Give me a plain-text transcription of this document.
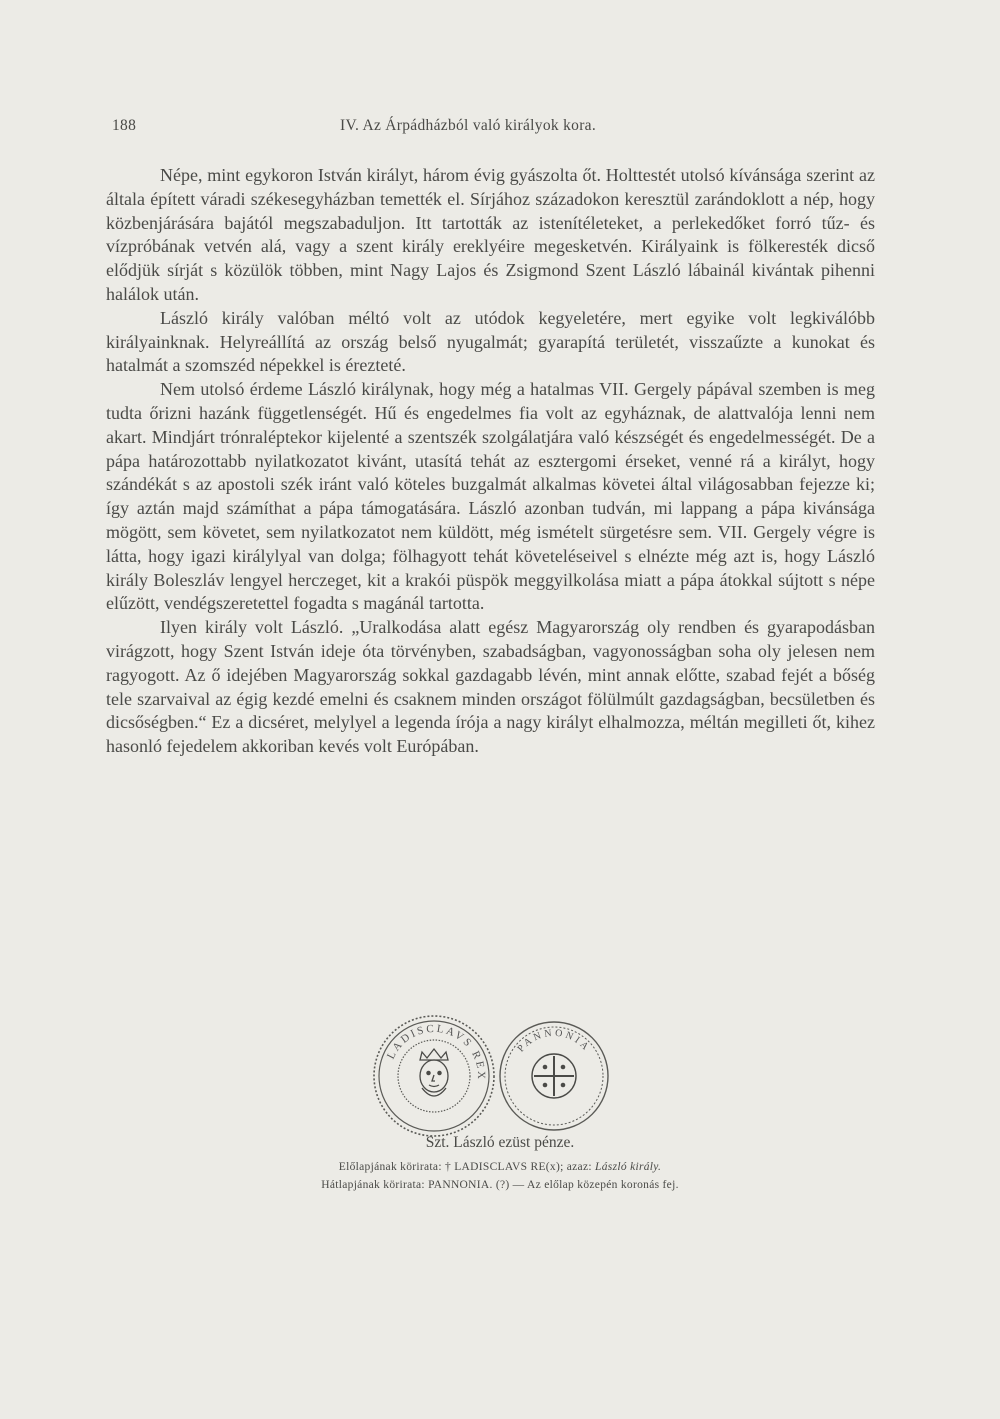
188	IV. Az Árpádházból való királyok kora.

Népe, mint egykoron István királyt, három évig gyászolta őt. Holttestét utolsó kívánsága szerint az általa épített váradi székesegyházban temették el. Sírjához századokon keresztül zarándoklott a nép, hogy közbenjárására bajától megszabaduljon. Itt tartották az istenítéleteket, a perlekedőket forró tűz- és vízpróbának vetvén alá, vagy a szent király ereklyéire megesketvén. Királyaink is fölkeresték dicső elődjük sírját s közülök többen, mint Nagy Lajos és Zsigmond Szent László lábainál kivántak pihenni halálok után.

László király valóban méltó volt az utódok kegyeletére, mert egyike volt legkiválóbb királyainknak. Helyreállítá az ország belső nyugalmát; gyarapítá területét, visszaűzte a kunokat és hatalmát a szomszéd népekkel is érezteté.

Nem utolsó érdeme László királynak, hogy még a hatalmas VII. Gergely pápával szemben is meg tudta őrizni hazánk függetlenségét. Hű és engedelmes fia volt az egyháznak, de alattvalója lenni nem akart. Mindjárt trónraléptekor kijelenté a szentszék szolgálatjára való készségét és engedelmességét. De a pápa határozottabb nyilatkozatot kivánt, utasítá tehát az esztergomi érseket, venné rá a királyt, hogy szándékát s az apostoli szék iránt való köteles buzgalmát alkalmas követei által világosabban fejezze ki; így aztán majd számíthat a pápa támogatására. László azonban tudván, mi lappang a pápa kivánsága mögött, sem követet, sem nyilatkozatot nem küldött, még ismételt sürgetésre sem. VII. Gergely végre is látta, hogy igazi királylyal van dolga; fölhagyott tehát követeléseivel s elnézte még azt is, hogy László király Boleszláv lengyel herczeget, kit a krakói püspök meggyilkolása miatt a pápa átokkal sújtott s népe elűzött, vendégszeretettel fogadta s magánál tartotta.

Ilyen király volt László. „Uralkodása alatt egész Magyarország oly rendben és gyarapodásban virágzott, hogy Szent István ideje óta törvényben, szabadságban, vagyonosságban soha oly jelesen nem ragyogott. Az ő idejében Magyarország sokkal gazdagabb lévén, mint annak előtte, szabad fejét a bőség tele szarvaival az égig kezdé emelni és csaknem minden országot fölülmúlt gazdagságban, becsületben és dicsőségben.“ Ez a dicséret, melylyel a legenda írója a nagy királyt elhalmozza, méltán megilleti őt, kihez hasonló fejedelem akkoriban kevés volt Európában.

LADISCLAVS REX
PANNONIA

Szt. László ezüst pénze.

Előlapjának körirata: † LADISCLAVS RE(x); azaz: László király.

Hátlapjának körirata: PANNONIA. (?) — Az előlap közepén koronás fej.
